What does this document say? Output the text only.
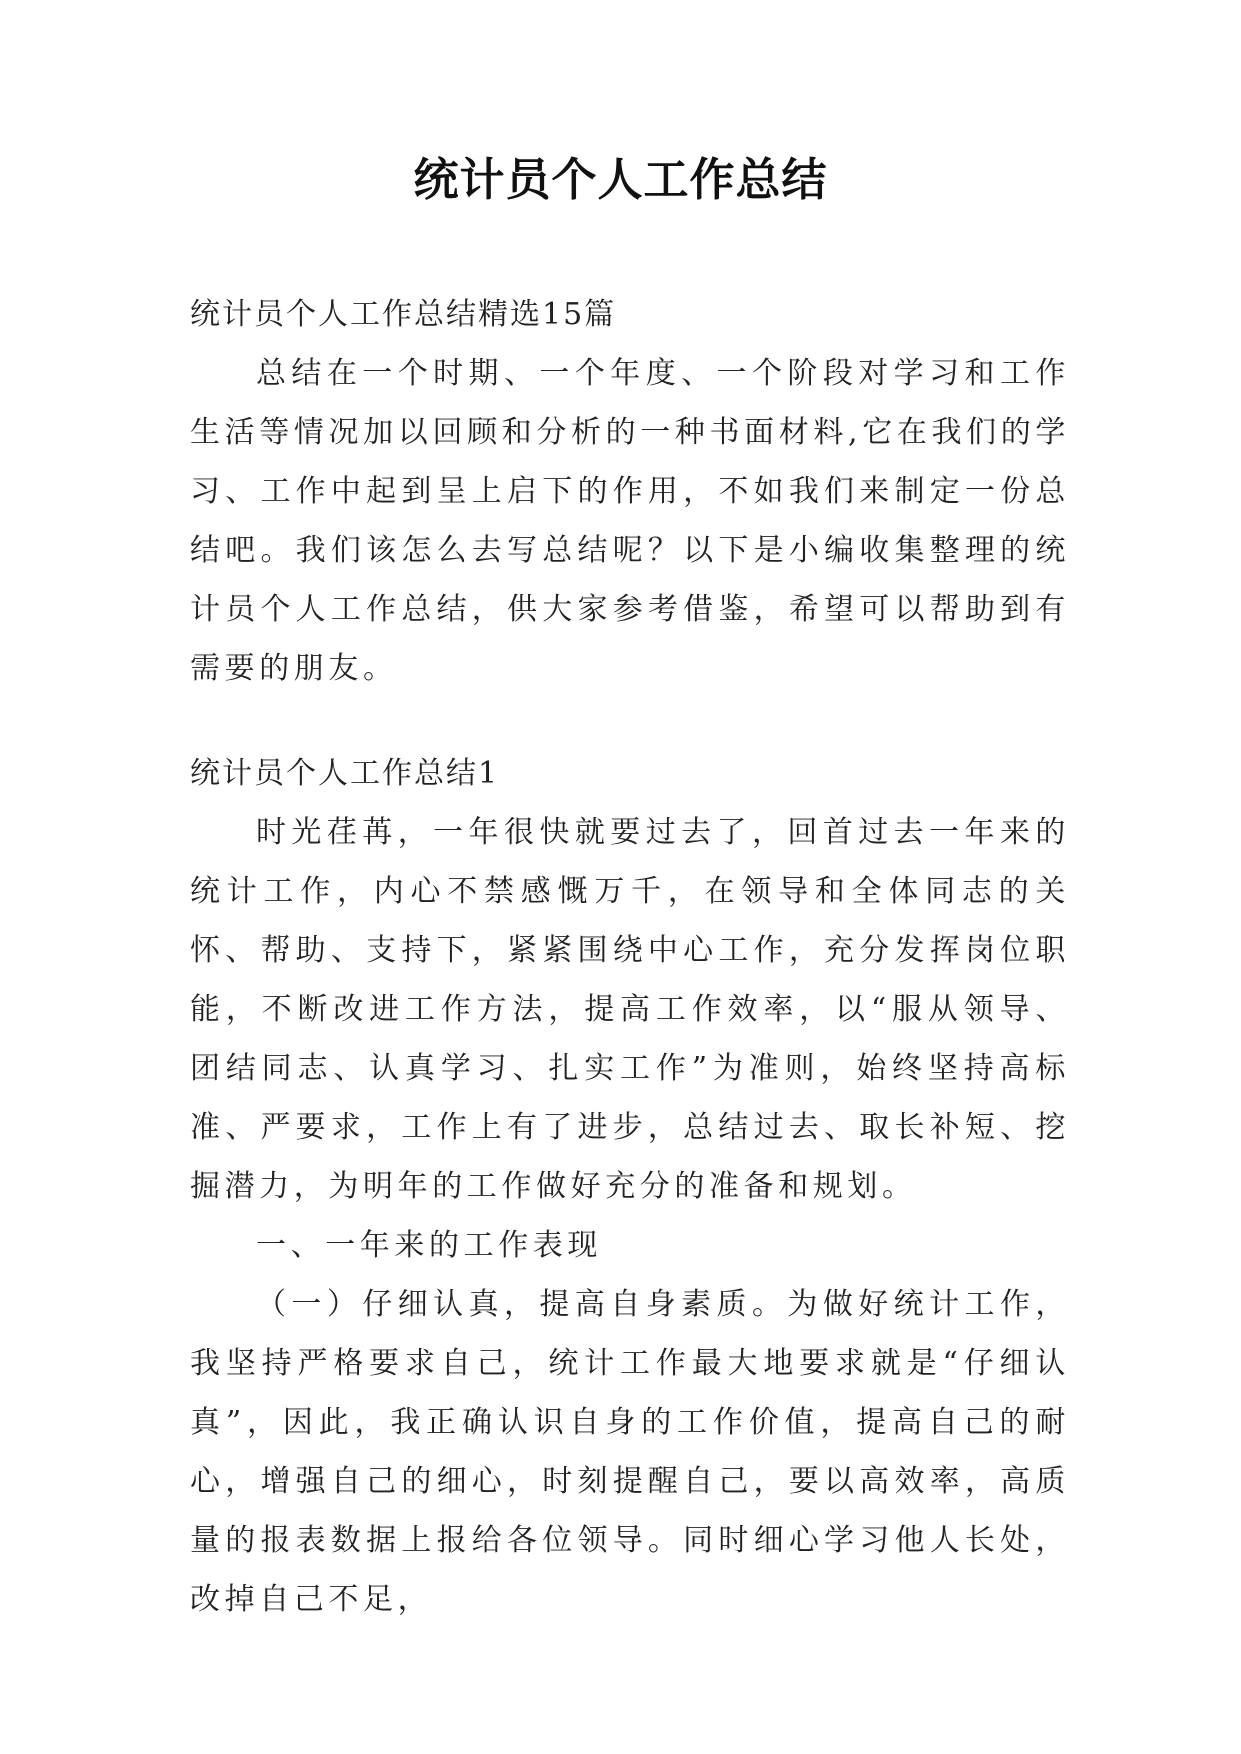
统计员个人工作总结
统计员个人工作总结精选15篇
总结在一个时期、一个年度、一个阶段对学习和工作生活等情况加以回顾和分析的一种书面材料,它在我们的学习、工作中起到呈上启下的作用，不如我们来制定一份总结吧。我们该怎么去写总结呢？以下是小编收集整理的统计员个人工作总结，供大家参考借鉴，希望可以帮助到有需要的朋友。
统计员个人工作总结1
时光荏苒，一年很快就要过去了，回首过去一年来的统计工作，内心不禁感慨万千，在领导和全体同志的关怀、帮助、支持下，紧紧围绕中心工作，充分发挥岗位职能，不断改进工作方法，提高工作效率，以“服从领导、团结同志、认真学习、扎实工作”为准则，始终坚持高标准、严要求，工作上有了进步，总结过去、取长补短、挖掘潜力，为明年的工作做好充分的准备和规划。
一、一年来的工作表现
（一）仔细认真，提高自身素质。为做好统计工作，我坚持严格要求自己，统计工作最大地要求就是“仔细认真”，因此，我正确认识自身的工作价值，提高自己的耐心，增强自己的细心，时刻提醒自己，要以高效率，高质量的报表数据上报给各位领导。同时细心学习他人长处，改掉自己不足，
